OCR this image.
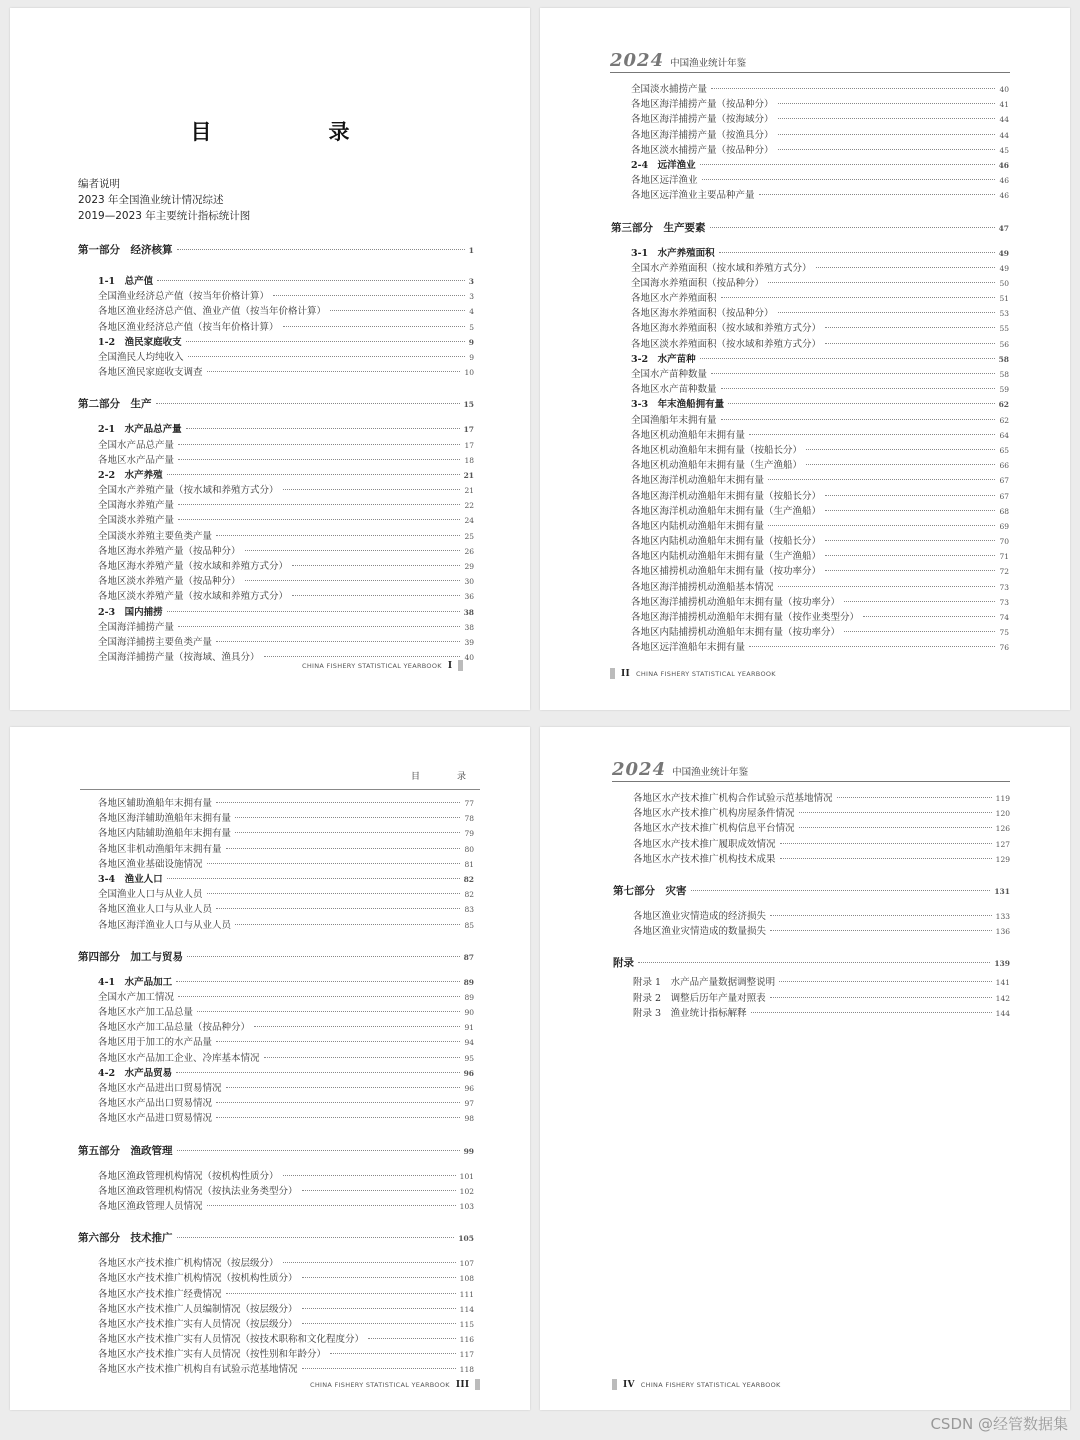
目　录
编者说明
2023 年全国渔业统计情况综述
2019—2023 年主要统计指标统计图
第一部分　经济核算	1
1-1　总产值	3
全国渔业经济总产值（按当年价格计算）	3
各地区渔业经济总产值、渔业产值（按当年价格计算）	4
各地区渔业经济总产值（按当年价格计算）	5
1-2　渔民家庭收支	9
全国渔民人均纯收入	9
各地区渔民家庭收支调查	10
第二部分　生产	15
2-1　水产品总产量	17
全国水产品总产量	17
各地区水产品产量	18
2-2　水产养殖	21
全国水产养殖产量（按水域和养殖方式分）	21
全国海水养殖产量	22
全国淡水养殖产量	24
全国淡水养殖主要鱼类产量	25
各地区海水养殖产量（按品种分）	26
各地区海水养殖产量（按水域和养殖方式分）	29
各地区淡水养殖产量（按品种分）	30
各地区淡水养殖产量（按水域和养殖方式分）	36
2-3　国内捕捞	38
全国海洋捕捞产量	38
全国海洋捕捞主要鱼类产量	39
全国海洋捕捞产量（按海域、渔具分）	40
CHINA FISHERY STATISTICAL YEARBOOK I
2024 中国渔业统计年鉴
全国淡水捕捞产量	40
各地区海洋捕捞产量（按品种分）	41
各地区海洋捕捞产量（按海域分）	44
各地区海洋捕捞产量（按渔具分）	44
各地区淡水捕捞产量（按品种分）	45
2-4　远洋渔业	46
各地区远洋渔业	46
各地区远洋渔业主要品种产量	46
第三部分　生产要素	47
3-1　水产养殖面积	49
全国水产养殖面积（按水域和养殖方式分）	49
全国海水养殖面积（按品种分）	50
各地区水产养殖面积	51
各地区海水养殖面积（按品种分）	53
各地区海水养殖面积（按水域和养殖方式分）	55
各地区淡水养殖面积（按水域和养殖方式分）	56
3-2　水产苗种	58
全国水产苗种数量	58
各地区水产苗种数量	59
3-3　年末渔船拥有量	62
全国渔船年末拥有量	62
各地区机动渔船年末拥有量	64
各地区机动渔船年末拥有量（按船长分）	65
各地区机动渔船年末拥有量（生产渔船）	66
各地区海洋机动渔船年末拥有量	67
各地区海洋机动渔船年末拥有量（按船长分）	67
各地区海洋机动渔船年末拥有量（生产渔船）	68
各地区内陆机动渔船年末拥有量	69
各地区内陆机动渔船年末拥有量（按船长分）	70
各地区内陆机动渔船年末拥有量（生产渔船）	71
各地区捕捞机动渔船年末拥有量（按功率分）	72
各地区海洋捕捞机动渔船基本情况	73
各地区海洋捕捞机动渔船年末拥有量（按功率分）	73
各地区海洋捕捞机动渔船年末拥有量（按作业类型分）	74
各地区内陆捕捞机动渔船年末拥有量（按功率分）	75
各地区远洋渔船年末拥有量	76
II CHINA FISHERY STATISTICAL YEARBOOK
目　录
各地区辅助渔船年末拥有量	77
各地区海洋辅助渔船年末拥有量	78
各地区内陆辅助渔船年末拥有量	79
各地区非机动渔船年末拥有量	80
各地区渔业基础设施情况	81
3-4　渔业人口	82
全国渔业人口与从业人员	82
各地区渔业人口与从业人员	83
各地区海洋渔业人口与从业人员	85
第四部分　加工与贸易	87
4-1　水产品加工	89
全国水产加工情况	89
各地区水产加工品总量	90
各地区水产加工品总量（按品种分）	91
各地区用于加工的水产品量	94
各地区水产品加工企业、冷库基本情况	95
4-2　水产品贸易	96
各地区水产品进出口贸易情况	96
各地区水产品出口贸易情况	97
各地区水产品进口贸易情况	98
第五部分　渔政管理	99
各地区渔政管理机构情况（按机构性质分）	101
各地区渔政管理机构情况（按执法业务类型分）	102
各地区渔政管理人员情况	103
第六部分　技术推广	105
各地区水产技术推广机构情况（按层级分）	107
各地区水产技术推广机构情况（按机构性质分）	108
各地区水产技术推广经费情况	111
各地区水产技术推广人员编制情况（按层级分）	114
各地区水产技术推广实有人员情况（按层级分）	115
各地区水产技术推广实有人员情况（按技术职称和文化程度分）	116
各地区水产技术推广实有人员情况（按性别和年龄分）	117
各地区水产技术推广机构自有试验示范基地情况	118
CHINA FISHERY STATISTICAL YEARBOOK III
2024 中国渔业统计年鉴
各地区水产技术推广机构合作试验示范基地情况	119
各地区水产技术推广机构房屋条件情况	120
各地区水产技术推广机构信息平台情况	126
各地区水产技术推广履职成效情况	127
各地区水产技术推广机构技术成果	129
第七部分　灾害	131
各地区渔业灾情造成的经济损失	133
各地区渔业灾情造成的数量损失	136
附录	139
附录 1　水产品产量数据调整说明	141
附录 2　调整后历年产量对照表	142
附录 3　渔业统计指标解释	144
IV CHINA FISHERY STATISTICAL YEARBOOK
CSDN @经管数据集
